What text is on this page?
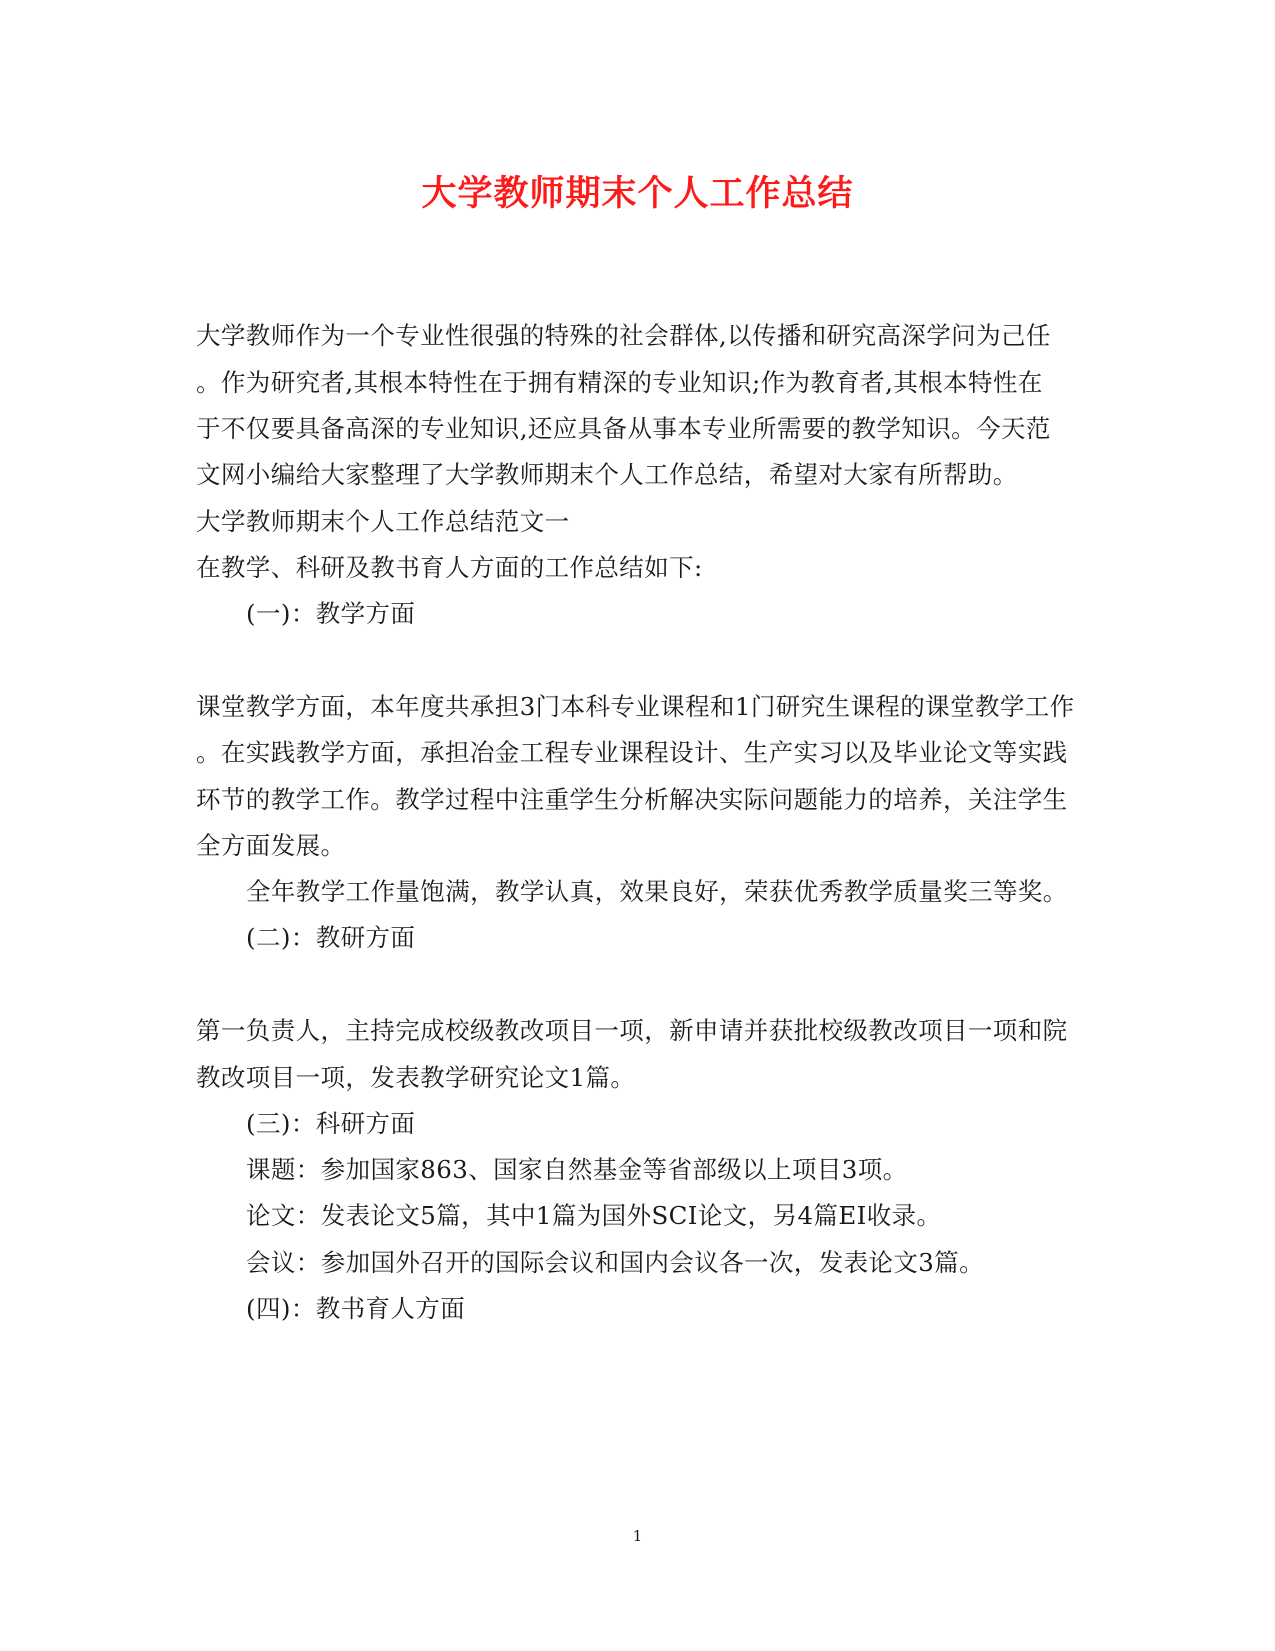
大学教师期末个人工作总结
大学教师作为一个专业性很强的特殊的社会群体,以传播和研究高深学问为己任
。作为研究者,其根本特性在于拥有精深的专业知识;作为教育者,其根本特性在
于不仅要具备高深的专业知识,还应具备从事本专业所需要的教学知识。今天范
文网小编给大家整理了大学教师期末个人工作总结，希望对大家有所帮助。
大学教师期末个人工作总结范文一
在教学、科研及教书育人方面的工作总结如下:
(一)：教学方面
课堂教学方面，本年度共承担3门本科专业课程和1门研究生课程的课堂教学工作
。在实践教学方面，承担冶金工程专业课程设计、生产实习以及毕业论文等实践
环节的教学工作。教学过程中注重学生分析解决实际问题能力的培养，关注学生
全方面发展。
全年教学工作量饱满，教学认真，效果良好，荣获优秀教学质量奖三等奖。
(二)：教研方面
第一负责人，主持完成校级教改项目一项，新申请并获批校级教改项目一项和院
教改项目一项，发表教学研究论文1篇。
(三)：科研方面
课题：参加国家863、国家自然基金等省部级以上项目3项。
论文：发表论文5篇，其中1篇为国外SCI论文，另4篇EI收录。
会议：参加国外召开的国际会议和国内会议各一次，发表论文3篇。
(四)：教书育人方面
1
